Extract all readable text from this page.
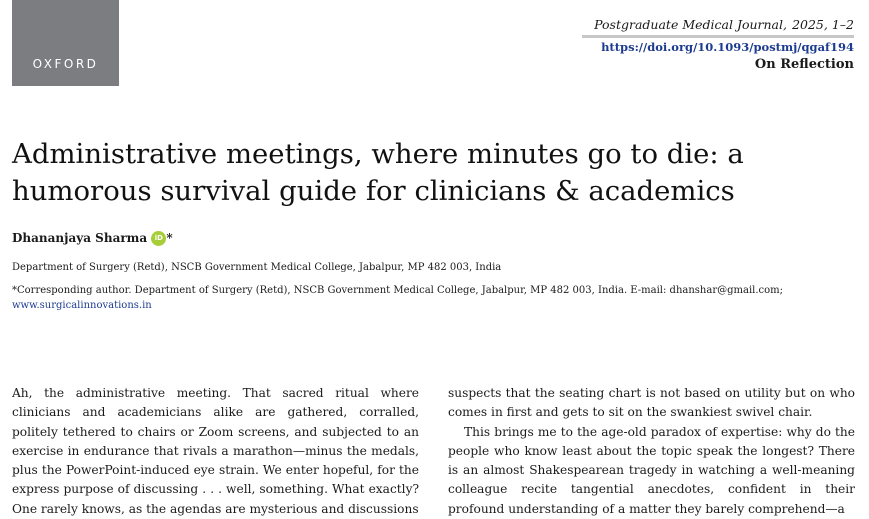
OXFORD
Postgraduate Medical Journal, 2025, 1–2
https://doi.org/10.1093/postmj/qgaf194
On Reflection
Administrative meetings, where minutes go to die: a humorous survival guide for clinicians & academics
Dhananjaya Sharma iD *
Department of Surgery (Retd), NSCB Government Medical College, Jabalpur, MP 482 003, India
*Corresponding author. Department of Surgery (Retd), NSCB Government Medical College, Jabalpur, MP 482 003, India. E-mail: dhanshar@gmail.com;
www.surgicalinnovations.in

Ah, the administrative meeting. That sacred ritual where clinicians and academicians alike are gathered, corralled, politely tethered to chairs or Zoom screens, and subjected to an exercise in endurance that rivals a marathon—minus the medals, plus the PowerPoint-induced eye strain. We enter hopeful, for the express purpose of discussing . . . well, something. What exactly? One rarely knows, as the agendas are mysterious and discussions

suspects that the seating chart is not based on utility but on who comes in first and gets to sit on the swankiest swivel chair.

This brings me to the age-old paradox of expertise: why do the people who know least about the topic speak the longest? There is an almost Shakespearean tragedy in watching a well-meaning colleague recite tangential anecdotes, confident in their profound understanding of a matter they barely comprehend—a
